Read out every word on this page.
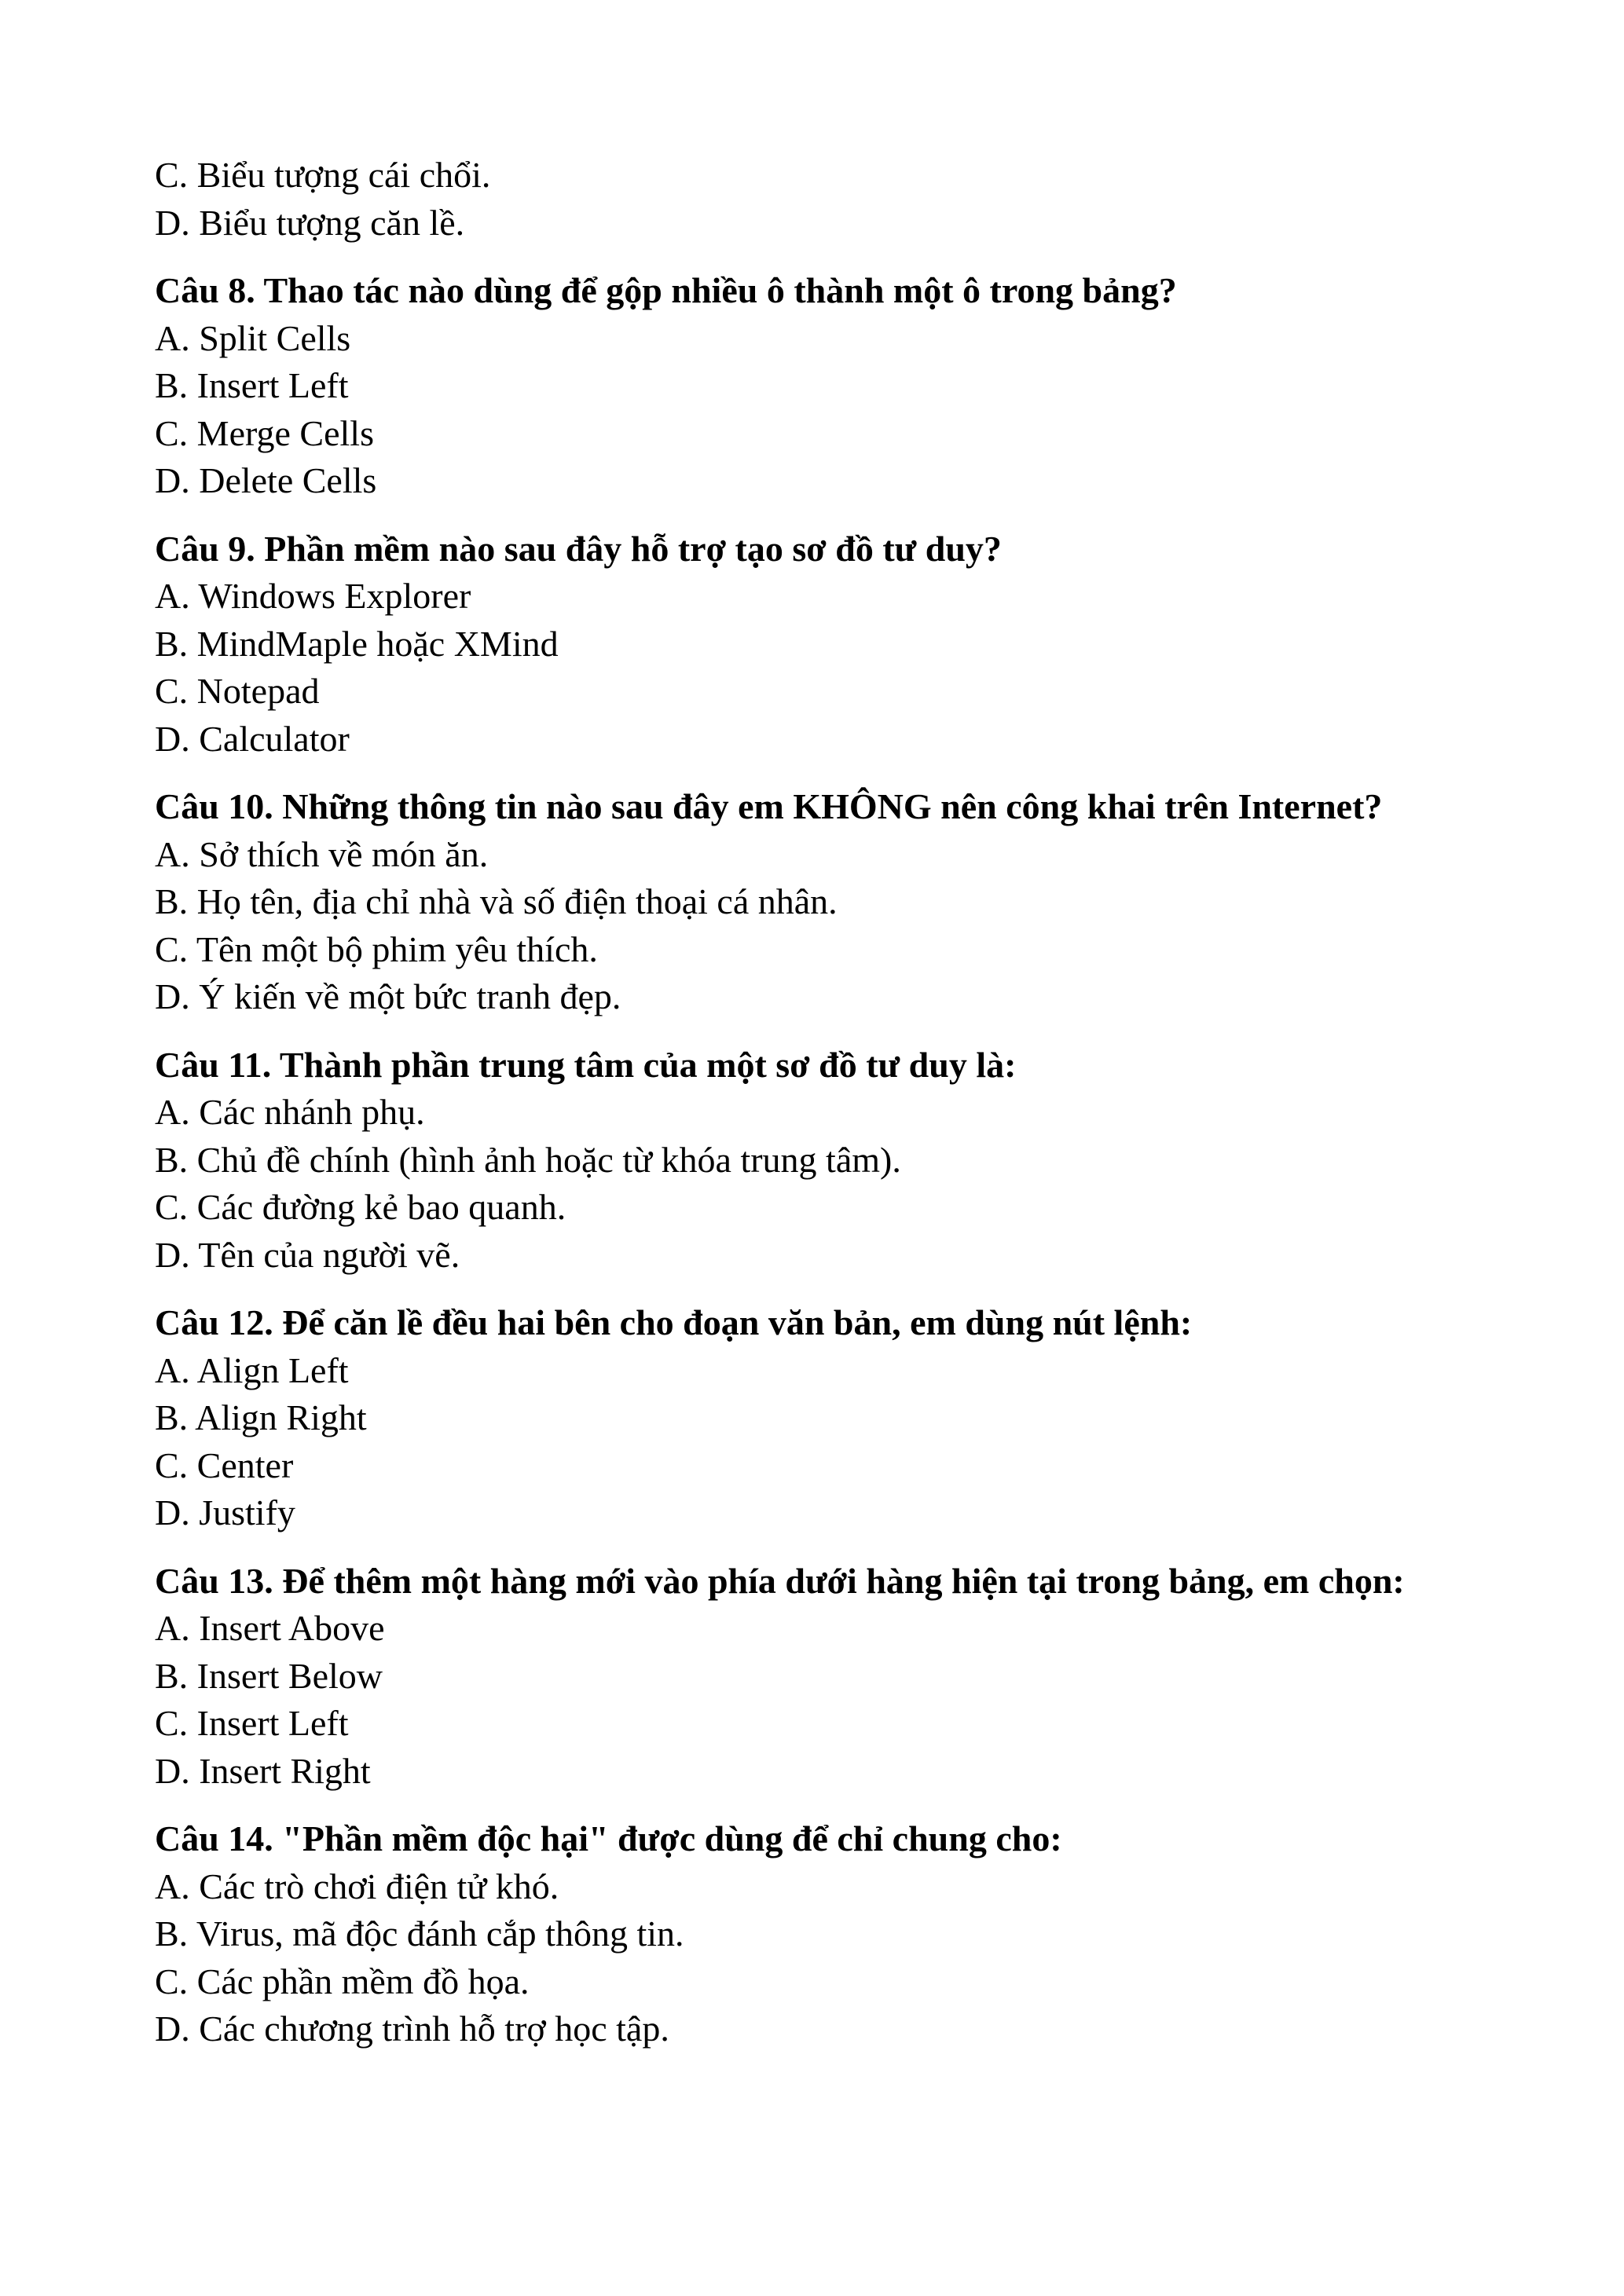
C. Biểu tượng cái chổi.
D. Biểu tượng căn lề.
Câu 8. Thao tác nào dùng để gộp nhiều ô thành một ô trong bảng?
A. Split Cells
B. Insert Left
C. Merge Cells
D. Delete Cells
Câu 9. Phần mềm nào sau đây hỗ trợ tạo sơ đồ tư duy?
A. Windows Explorer
B. MindMaple hoặc XMind
C. Notepad
D. Calculator
Câu 10. Những thông tin nào sau đây em KHÔNG nên công khai trên Internet?
A. Sở thích về món ăn.
B. Họ tên, địa chỉ nhà và số điện thoại cá nhân.
C. Tên một bộ phim yêu thích.
D. Ý kiến về một bức tranh đẹp.
Câu 11. Thành phần trung tâm của một sơ đồ tư duy là:
A. Các nhánh phụ.
B. Chủ đề chính (hình ảnh hoặc từ khóa trung tâm).
C. Các đường kẻ bao quanh.
D. Tên của người vẽ.
Câu 12. Để căn lề đều hai bên cho đoạn văn bản, em dùng nút lệnh:
A. Align Left
B. Align Right
C. Center
D. Justify
Câu 13. Để thêm một hàng mới vào phía dưới hàng hiện tại trong bảng, em chọn:
A. Insert Above
B. Insert Below
C. Insert Left
D. Insert Right
Câu 14. "Phần mềm độc hại" được dùng để chỉ chung cho:
A. Các trò chơi điện tử khó.
B. Virus, mã độc đánh cắp thông tin.
C. Các phần mềm đồ họa.
D. Các chương trình hỗ trợ học tập.
